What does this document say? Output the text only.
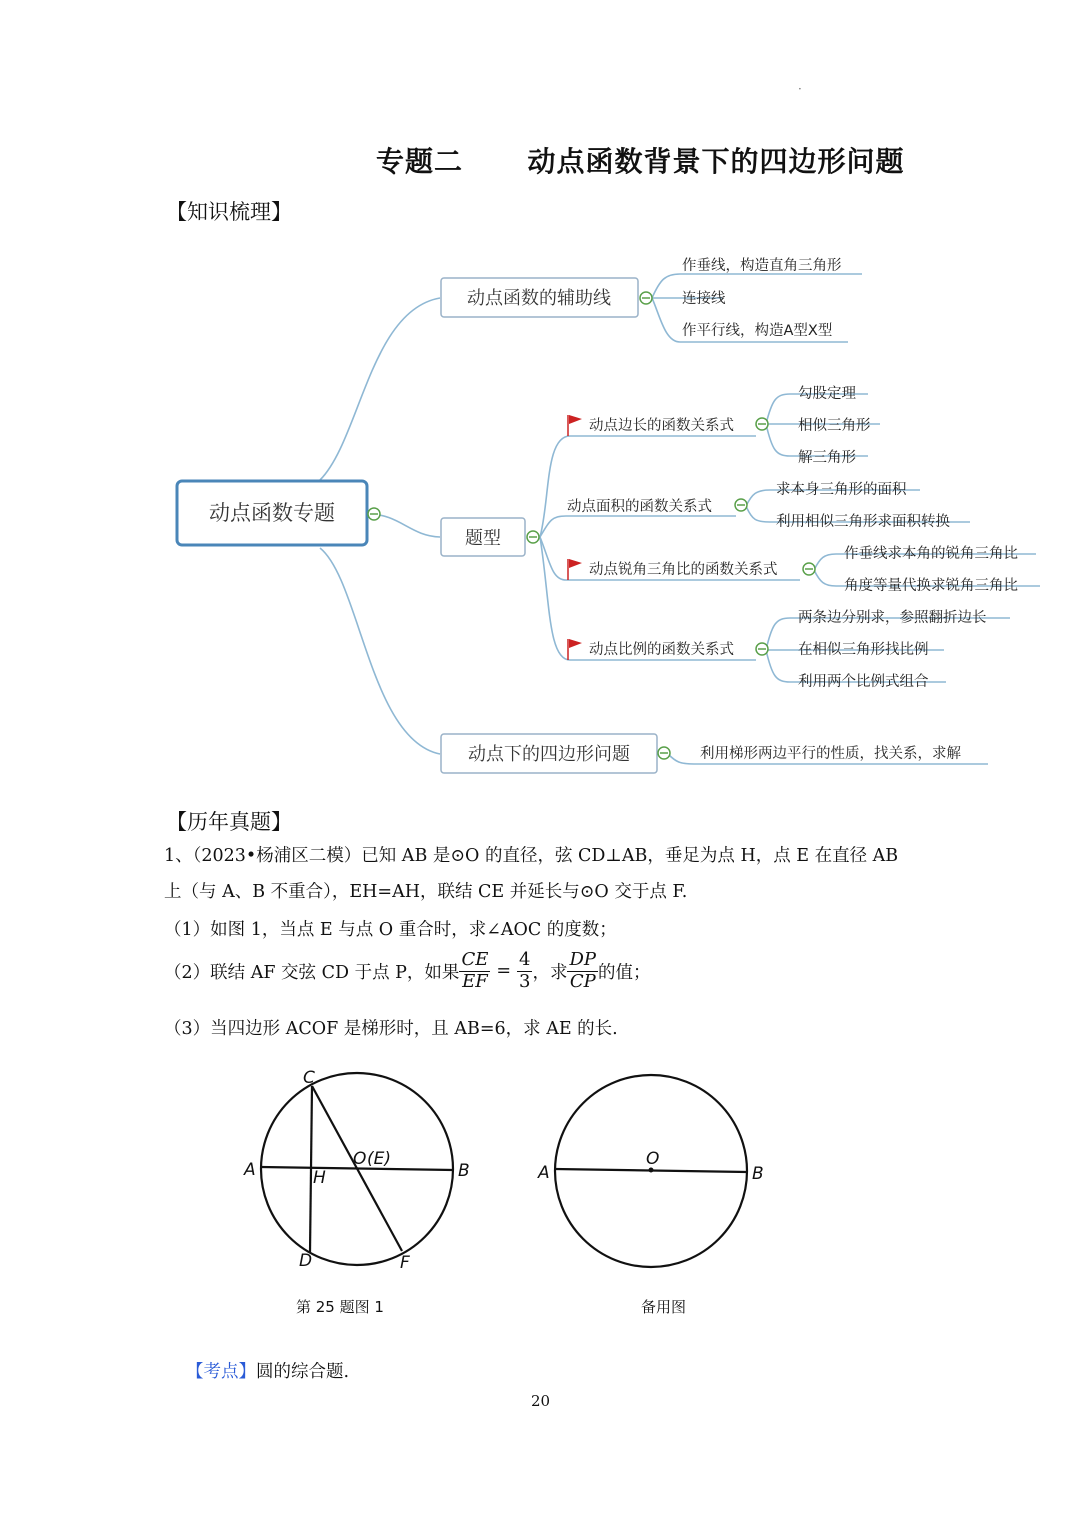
·
专题二      动点函数背景下的四边形问题
【知识梳理】
动点函数专题
动点函数的辅助线
作垂线，构造直角三角形
连接线
作平行线，构造A型X型
题型
动点边长的函数关系式
勾股定理
相似三角形
解三角形
动点面积的函数关系式
求本身三角形的面积
利用相似三角形求面积转换
动点锐角三角比的函数关系式
作垂线求本角的锐角三角比
角度等量代换求锐角三角比
动点比例的函数关系式
两条边分别求，参照翻折边长
在相似三角形找比例
利用两个比例式组合
动点下的四边形问题	利用梯形两边平行的性质，找关系，求解
【历年真题】
1、（2023•杨浦区二模）已知 AB 是⊙O 的直径，弦 CD⊥AB，垂足为点 H，点 E 在直径 AB
上（与 A、B 不重合），EH=AH，联结 CE 并延长与⊙O 交于点 F.
（1）如图 1，当点 E 与点 O 重合时，求∠AOC 的度数；
（2）联结 AF 交弦 CD 于点 P，如果 $\frac{CE}{EF} = \frac{4}{3}$ ，求 $\frac{DP}{CP}$ 的值；
（3）当四边形 ACOF 是梯形时，且 AB=6，求 AE 的长.
C
A	H
O (E)
B
D	F
第 25 题图 1
A
O
B
备用图
【考点】圆的综合题.
20
